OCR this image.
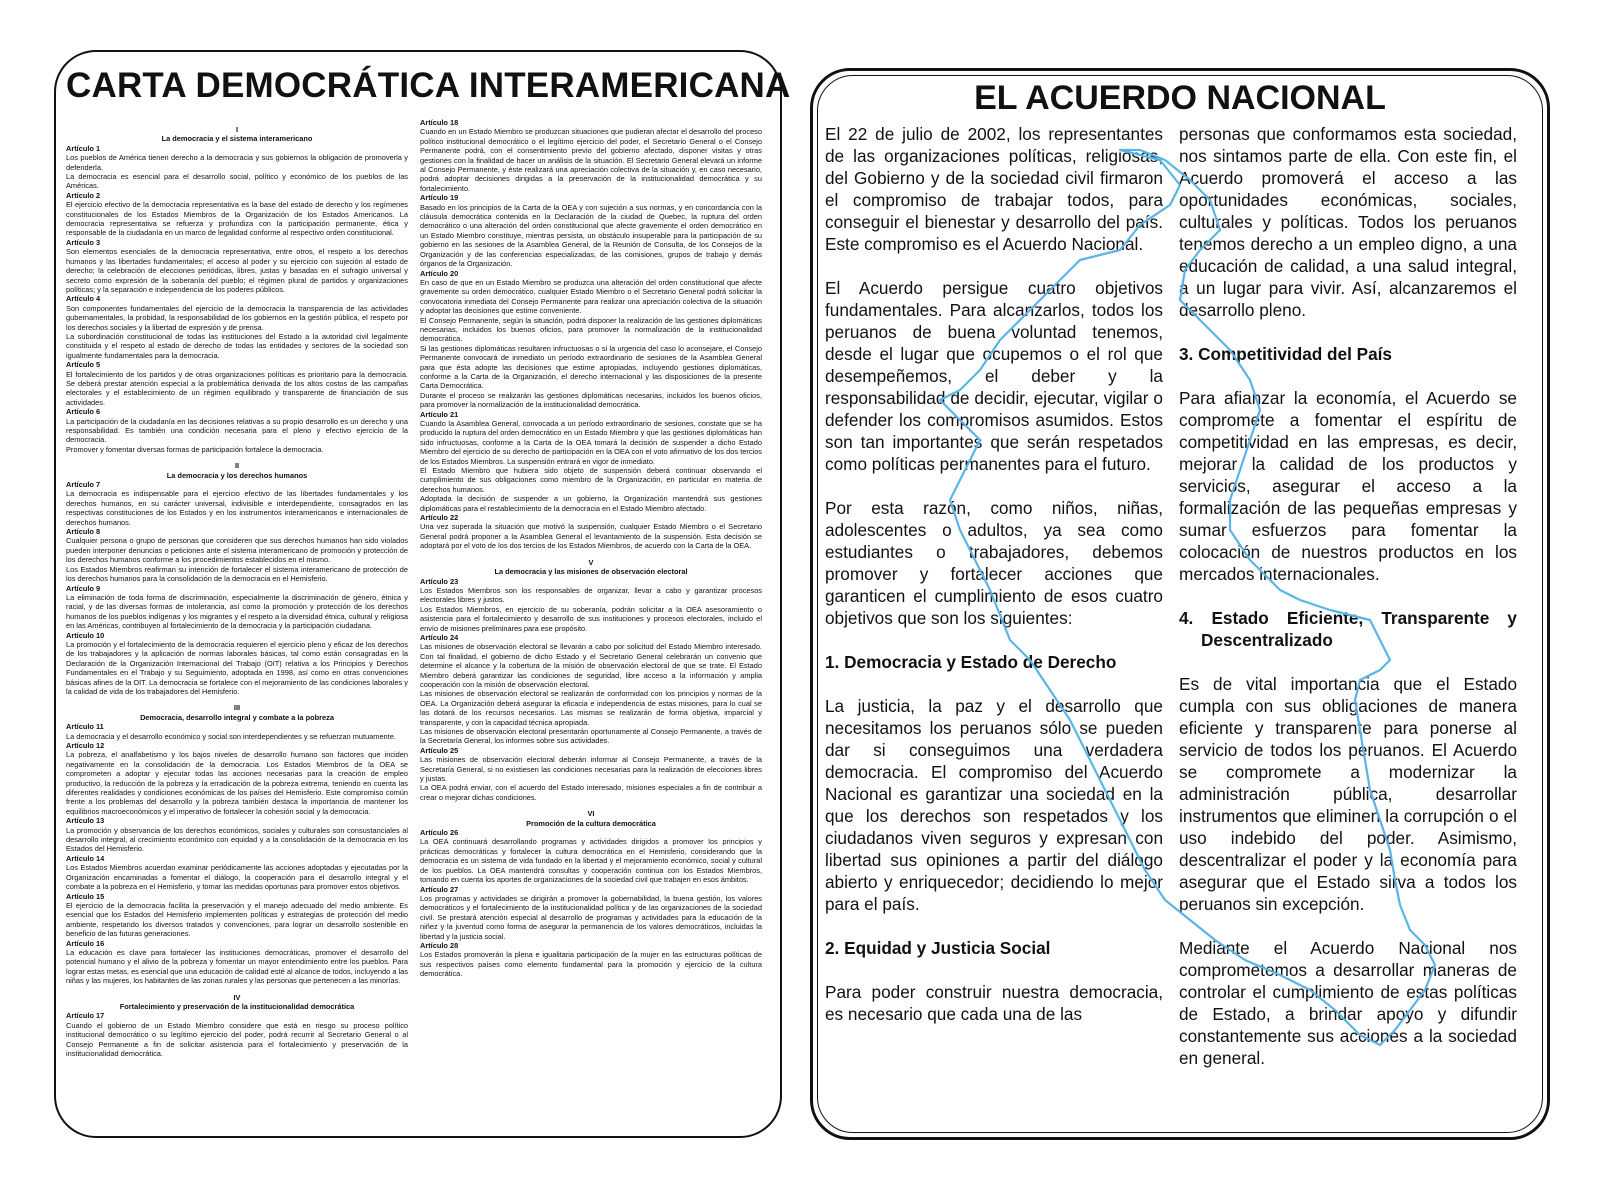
CARTA DEMOCRÁTICA INTERAMERICANA
I
La democracia y el sistema interamericano
Artículo 1
Los pueblos de América tienen derecho a la democracia y sus gobiernos la obligación de promoverla y defenderla.
La democracia es esencial para el desarrollo social, político y económico de los pueblos de las Américas.
Artículo 2
El ejercicio efectivo de la democracia representativa es la base del estado de derecho y los regímenes constitucionales de los Estados Miembros de la Organización de los Estados Americanos. La democracia representativa se refuerza y profundiza con la participación permanente, ética y responsable de la ciudadanía en un marco de legalidad conforme al respectivo orden constitucional.
Artículo 3
Son elementos esenciales de la democracia representativa, entre otros, el respeto a los derechos humanos y las libertades fundamentales; el acceso al poder y su ejercicio con sujeción al estado de derecho; la celebración de elecciones periódicas, libres, justas y basadas en el sufragio universal y secreto como expresión de la soberanía del pueblo; el régimen plural de partidos y organizaciones políticas; y la separación e independencia de los poderes públicos.
Artículo 4
Son componentes fundamentales del ejercicio de la democracia la transparencia de las actividades gubernamentales, la probidad, la responsabilidad de los gobiernos en la gestión pública, el respeto por los derechos sociales y la libertad de expresión y de prensa.
La subordinación constitucional de todas las instituciones del Estado a la autoridad civil legalmente constituida y el respeto al estado de derecho de todas las entidades y sectores de la sociedad son igualmente fundamentales para la democracia.
Artículo 5
El fortalecimiento de los partidos y de otras organizaciones políticas es prioritario para la democracia. Se deberá prestar atención especial a la problemática derivada de los altos costos de las campañas electorales y el establecimiento de un régimen equilibrado y transparente de financiación de sus actividades.
Artículo 6
La participación de la ciudadanía en las decisiones relativas a su propio desarrollo es un derecho y una responsabilidad. Es también una condición necesaria para el pleno y efectivo ejercicio de la democracia.
Promover y fomentar diversas formas de participación fortalece la democracia.
II
La democracia y los derechos humanos
Artículo 7
La democracia es indispensable para el ejercicio efectivo de las libertades fundamentales y los derechos humanos, en su carácter universal, indivisible e interdependiente, consagrados en las respectivas constituciones de los Estados y en los instrumentos interamericanos e internacionales de derechos humanos.
Artículo 8
Cualquier persona o grupo de personas que consideren que sus derechos humanos han sido violados pueden interponer denuncias o peticiones ante el sistema interamericano de promoción y protección de los derechos humanos conforme a los procedimientos establecidos en el mismo.
Los Estados Miembros reafirman su intención de fortalecer el sistema interamericano de protección de los derechos humanos para la consolidación de la democracia en el Hemisferio.
Artículo 9
La eliminación de toda forma de discriminación, especialmente la discriminación de género, étnica y racial, y de las diversas formas de intolerancia, así como la promoción y protección de los derechos humanos de los pueblos indígenas y los migrantes y el respeto a la diversidad étnica, cultural y religiosa en las Américas, contribuyen al fortalecimiento de la democracia y la participación ciudadana.
Artículo 10
La promoción y el fortalecimiento de la democracia requieren el ejercicio pleno y eficaz de los derechos de los trabajadores y la aplicación de normas laborales básicas, tal como están consagradas en la Declaración de la Organización Internacional del Trabajo (OIT) relativa a los Principios y Derechos Fundamentales en el Trabajo y su Seguimiento, adoptada en 1998, así como en otras convenciones básicas afines de la OIT. La democracia se fortalece con el mejoramiento de las condiciones laborales y la calidad de vida de los trabajadores del Hemisferio.
III
Democracia, desarrollo integral y combate a la pobreza
Artículo 11
La democracia y el desarrollo económico y social son interdependientes y se refuerzan mutuamente.
Artículo 12
La pobreza, el analfabetismo y los bajos niveles de desarrollo humano son factores que inciden negativamente en la consolidación de la democracia. Los Estados Miembros de la OEA se comprometen a adoptar y ejecutar todas las acciones necesarias para la creación de empleo productivo, la reducción de la pobreza y la erradicación de la pobreza extrema, teniendo en cuenta las diferentes realidades y condiciones económicas de los países del Hemisferio. Este compromiso común frente a los problemas del desarrollo y la pobreza también destaca la importancia de mantener los equilibrios macroeconómicos y el imperativo de fortalecer la cohesión social y la democracia.
Artículo 13
La promoción y observancia de los derechos económicos, sociales y culturales son consustanciales al desarrollo integral, al crecimiento económico con equidad y a la consolidación de la democracia en los Estados del Hemisferio.
Artículo 14
Los Estados Miembros acuerdan examinar periódicamente las acciones adoptadas y ejecutadas por la Organización encaminadas a fomentar el diálogo, la cooperación para el desarrollo integral y el combate a la pobreza en el Hemisferio, y tomar las medidas oportunas para promover estos objetivos.
Artículo 15
El ejercicio de la democracia facilita la preservación y el manejo adecuado del medio ambiente. Es esencial que los Estados del Hemisferio implementen políticas y estrategias de protección del medio ambiente, respetando los diversos tratados y convenciones, para lograr un desarrollo sostenible en beneficio de las futuras generaciones.
Artículo 16
La educación es clave para fortalecer las instituciones democráticas, promover el desarrollo del potencial humano y el alivio de la pobreza y fomentar un mayor entendimiento entre los pueblos. Para lograr estas metas, es esencial que una educación de calidad esté al alcance de todos, incluyendo a las niñas y las mujeres, los habitantes de las zonas rurales y las personas que pertenecen a las minorías.
IV
Fortalecimiento y preservación de la institucionalidad democrática
Artículo 17
Cuando el gobierno de un Estado Miembro considere que está en riesgo su proceso político institucional democrático o su legítimo ejercicio del poder, podrá recurrir al Secretario General o al Consejo Permanente a fin de solicitar asistencia para el fortalecimiento y preservación de la institucionalidad democrática.
Artículo 18
Cuando en un Estado Miembro se produzcan situaciones que pudieran afectar el desarrollo del proceso político institucional democrático o el legítimo ejercicio del poder, el Secretario General o el Consejo Permanente podrá, con el consentimiento previo del gobierno afectado, disponer visitas y otras gestiones con la finalidad de hacer un análisis de la situación. El Secretario General elevará un informe al Consejo Permanente, y éste realizará una apreciación colectiva de la situación y, en caso necesario, podrá adoptar decisiones dirigidas a la preservación de la institucionalidad democrática y su fortalecimiento.
Artículo 19
Basado en los principios de la Carta de la OEA y con sujeción a sus normas, y en concordancia con la cláusula democrática contenida en la Declaración de la ciudad de Quebec, la ruptura del orden democrático o una alteración del orden constitucional que afecte gravemente el orden democrático en un Estado Miembro constituye, mientras persista, un obstáculo insuperable para la participación de su gobierno en las sesiones de la Asamblea General, de la Reunión de Consulta, de los Consejos de la Organización y de las conferencias especializadas, de las comisiones, grupos de trabajo y demás órganos de la Organización.
Artículo 20
En caso de que en un Estado Miembro se produzca una alteración del orden constitucional que afecte gravemente su orden democrático, cualquier Estado Miembro o el Secretario General podrá solicitar la convocatoria inmediata del Consejo Permanente para realizar una apreciación colectiva de la situación y adoptar las decisiones que estime conveniente.
El Consejo Permanente, según la situación, podrá disponer la realización de las gestiones diplomáticas necesarias, incluidos los buenos oficios, para promover la normalización de la institucionalidad democrática.
Si las gestiones diplomáticas resultaren infructuosas o si la urgencia del caso lo aconsejare, el Consejo Permanente convocará de inmediato un período extraordinario de sesiones de la Asamblea General para que ésta adopte las decisiones que estime apropiadas, incluyendo gestiones diplomáticas, conforme a la Carta de la Organización, el derecho internacional y las disposiciones de la presente Carta Democrática.
Durante el proceso se realizarán las gestiones diplomáticas necesarias, incluidos los buenos oficios, para promover la normalización de la institucionalidad democrática.
Artículo 21
Cuando la Asamblea General, convocada a un período extraordinario de sesiones, constate que se ha producido la ruptura del orden democrático en un Estado Miembro y que las gestiones diplomáticas han sido infructuosas, conforme a la Carta de la OEA tomará la decisión de suspender a dicho Estado Miembro del ejercicio de su derecho de participación en la OEA con el voto afirmativo de los dos tercios de los Estados Miembros. La suspensión entrará en vigor de inmediato.
El Estado Miembro que hubiera sido objeto de suspensión deberá continuar observando el cumplimiento de sus obligaciones como miembro de la Organización, en particular en materia de derechos humanos.
Adoptada la decisión de suspender a un gobierno, la Organización mantendrá sus gestiones diplomáticas para el restablecimiento de la democracia en el Estado Miembro afectado.
Artículo 22
Una vez superada la situación que motivó la suspensión, cualquier Estado Miembro o el Secretario General podrá proponer a la Asamblea General el levantamiento de la suspensión. Esta decisión se adoptará por el voto de los dos tercios de los Estados Miembros, de acuerdo con la Carta de la OEA.
V
La democracia y las misiones de observación electoral
Artículo 23
Los Estados Miembros son los responsables de organizar, llevar a cabo y garantizar procesos electorales libres y justos.
Los Estados Miembros, en ejercicio de su soberanía, podrán solicitar a la OEA asesoramiento o asistencia para el fortalecimiento y desarrollo de sus instituciones y procesos electorales, incluido el envío de misiones preliminares para ese propósito.
Artículo 24
Las misiones de observación electoral se llevarán a cabo por solicitud del Estado Miembro interesado. Con tal finalidad, el gobierno de dicho Estado y el Secretario General celebrarán un convenio que determine el alcance y la cobertura de la misión de observación electoral de que se trate. El Estado Miembro deberá garantizar las condiciones de seguridad, libre acceso a la información y amplia cooperación con la misión de observación electoral.
Las misiones de observación electoral se realizarán de conformidad con los principios y normas de la OEA. La Organización deberá asegurar la eficacia e independencia de estas misiones, para lo cual se las dotará de los recursos necesarios. Las mismas se realizarán de forma objetiva, imparcial y transparente, y con la capacidad técnica apropiada.
Las misiones de observación electoral presentarán oportunamente al Consejo Permanente, a través de la Secretaría General, los informes sobre sus actividades.
Artículo 25
Las misiones de observación electoral deberán informar al Consejo Permanente, a través de la Secretaría General, si no existiesen las condiciones necesarias para la realización de elecciones libres y justas.
La OEA podrá enviar, con el acuerdo del Estado interesado, misiones especiales a fin de contribuir a crear o mejorar dichas condiciones.
VI
Promoción de la cultura democrática
Artículo 26
La OEA continuará desarrollando programas y actividades dirigidos a promover los principios y prácticas democráticas y fortalecer la cultura democrática en el Hemisferio, considerando que la democracia es un sistema de vida fundado en la libertad y el mejoramiento económico, social y cultural de los pueblos. La OEA mantendrá consultas y cooperación continua con los Estados Miembros, tomando en cuenta los aportes de organizaciones de la sociedad civil que trabajen en esos ámbitos.
Artículo 27
Los programas y actividades se dirigirán a promover la gobernabilidad, la buena gestión, los valores democráticos y el fortalecimiento de la institucionalidad política y de las organizaciones de la sociedad civil. Se prestará atención especial al desarrollo de programas y actividades para la educación de la niñez y la juventud como forma de asegurar la permanencia de los valores democráticos, incluidas la libertad y la justicia social.
Artículo 28
Los Estados promoverán la plena e igualitaria participación de la mujer en las estructuras políticas de sus respectivos países como elemento fundamental para la promoción y ejercicio de la cultura democrática.
EL ACUERDO NACIONAL
El 22 de julio de 2002, los representantes de las organizaciones políticas, religiosas, del Gobierno y de la sociedad civil firmaron el compromiso de trabajar todos, para conseguir el bienestar y desarrollo del país. Este compromiso es el Acuerdo Nacional.
El Acuerdo persigue cuatro objetivos fundamentales. Para alcanzarlos, todos los peruanos de buena voluntad tenemos, desde el lugar que ocupemos o el rol que desempeñemos, el deber y la responsabilidad de decidir, ejecutar, vigilar o defender los compromisos asumidos. Estos son tan importantes que serán respetados como políticas permanentes para el futuro.
Por esta razón, como niños, niñas, adolescentes o adultos, ya sea como estudiantes o trabajadores, debemos promover y fortalecer acciones que garanticen el cumplimiento de esos cuatro objetivos que son los siguientes:
1. Democracia y Estado de Derecho
La justicia, la paz y el desarrollo que necesitamos los peruanos sólo se pueden dar si conseguimos una verdadera democracia. El compromiso del Acuerdo Nacional es garantizar una sociedad en la que los derechos son respetados y los ciudadanos viven seguros y expresan con libertad sus opiniones a partir del diálogo abierto y enriquecedor; decidiendo lo mejor para el país.
2. Equidad y Justicia Social
Para poder construir nuestra democracia, es necesario que cada una de las
personas que conformamos esta sociedad, nos sintamos parte de ella. Con este fin, el Acuerdo promoverá el acceso a las oportunidades económicas, sociales, culturales y políticas. Todos los peruanos tenemos derecho a un empleo digno, a una educación de calidad, a una salud integral, a un lugar para vivir. Así, alcanzaremos el desarrollo pleno.
3. Competitividad del País
Para afianzar la economía, el Acuerdo se compromete a fomentar el espíritu de competitividad en las empresas, es decir, mejorar la calidad de los productos y servicios, asegurar el acceso a la formalización de las pequeñas empresas y sumar esfuerzos para fomentar la colocación de nuestros productos en los mercados internacionales.
4. Estado Eficiente, Transparente y Descentralizado
Es de vital importancia que el Estado cumpla con sus obligaciones de manera eficiente y transparente para ponerse al servicio de todos los peruanos. El Acuerdo se compromete a modernizar la administración pública, desarrollar instrumentos que eliminen la corrupción o el uso indebido del poder. Asimismo, descentralizar el poder y la economía para asegurar que el Estado sirva a todos los peruanos sin excepción.
Mediante el Acuerdo Nacional nos comprometemos a desarrollar maneras de controlar el cumplimiento de estas políticas de Estado, a brindar apoyo y difundir constantemente sus acciones a la sociedad en general.
